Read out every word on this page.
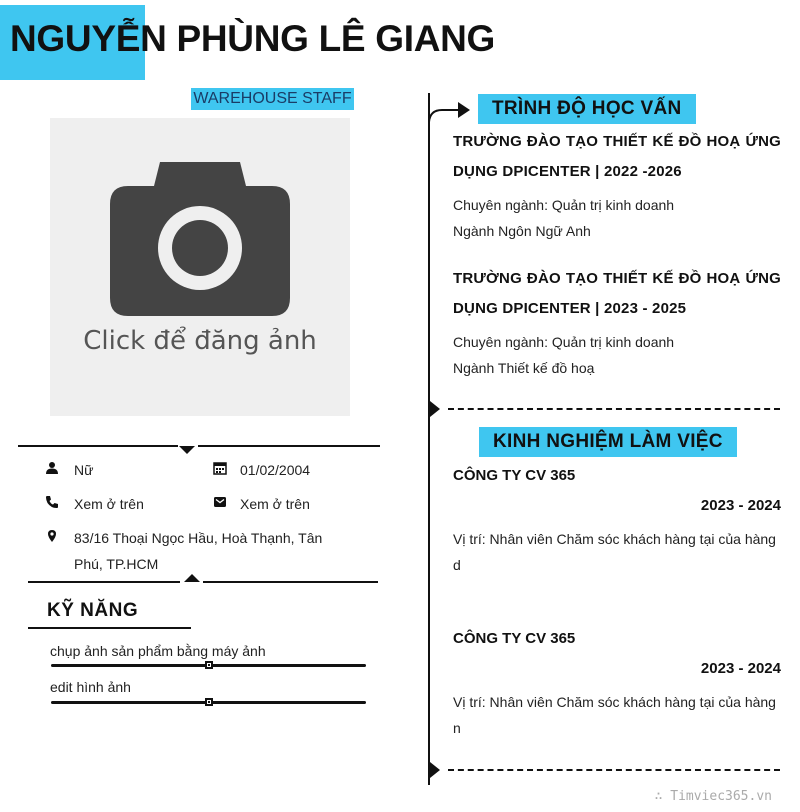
NGUYỄN PHÙNG LÊ GIANG
WAREHOUSE STAFF
Click để đăng ảnh
Nữ	01/02/2004
Xem ở trên	Xem ở trên
83/16 Thoại Ngọc Hầu, Hoà Thạnh, Tân
Phú, TP.HCM
KỸ NĂNG
chụp ảnh sản phẩm bằng máy ảnh
edit hình ảnh
TRÌNH ĐỘ HỌC VẤN
TRƯỜNG ĐÀO TẠO THIẾT KẾ ĐỒ HOẠ ỨNG
DỤNG DPICENTER | 2022 -2026
Chuyên ngành: Quản trị kinh doanh
Ngành Ngôn Ngữ Anh
TRƯỜNG ĐÀO TẠO THIẾT KẾ ĐỒ HOẠ ỨNG
DỤNG DPICENTER | 2023 - 2025
Chuyên ngành: Quản trị kinh doanh
Ngành Thiết kế đồ hoạ
KINH NGHIỆM LÀM VIỆC
CÔNG TY CV 365
2023 - 2024
Vị trí: Nhân viên Chăm sóc khách hàng tại của hàng
d
CÔNG TY CV 365
2023 - 2024
Vị trí: Nhân viên Chăm sóc khách hàng tại của hàng
n
∴ Timviec365.vn
